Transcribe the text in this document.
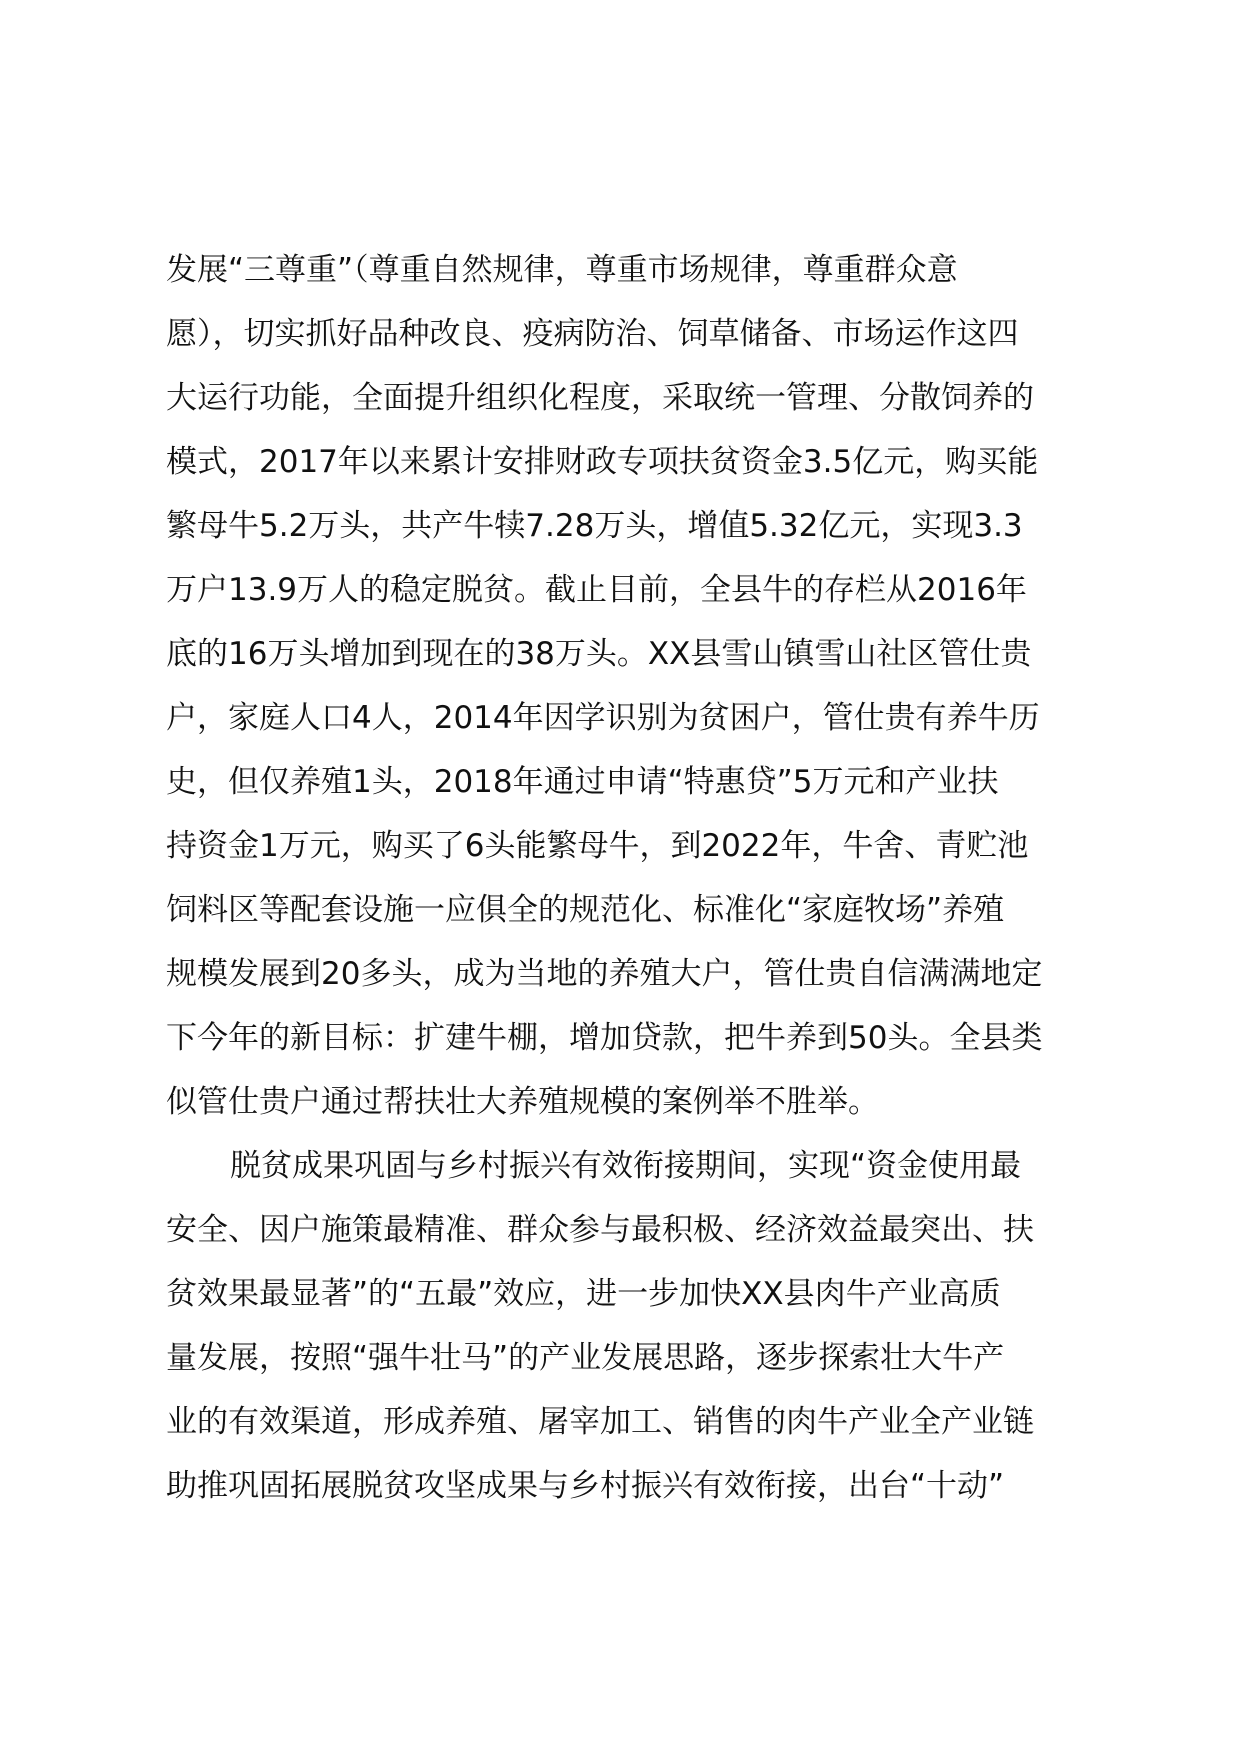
发展“三尊重”（尊重自然规律，尊重市场规律，尊重群众意
愿），切实抓好品种改良、疫病防治、饲草储备、市场运作这四
大运行功能，全面提升组织化程度，采取统一管理、分散饲养的
模式，2017年以来累计安排财政专项扶贫资金3.5亿元，购买能
繁母牛5.2万头，共产牛犊7.28万头，增值5.32亿元，实现3.3
万户13.9万人的稳定脱贫。截止目前，全县牛的存栏从2016年
底的16万头增加到现在的38万头。XX县雪山镇雪山社区管仕贵
户，家庭人口4人，2014年因学识别为贫困户，管仕贵有养牛历
史，但仅养殖1头，2018年通过申请“特惠贷”5万元和产业扶
持资金1万元，购买了6头能繁母牛，到2022年，牛舍、青贮池
饲料区等配套设施一应俱全的规范化、标准化“家庭牧场”养殖
规模发展到20多头，成为当地的养殖大户，管仕贵自信满满地定
下今年的新目标：扩建牛棚，增加贷款，把牛养到50头。全县类
似管仕贵户通过帮扶壮大养殖规模的案例举不胜举。
脱贫成果巩固与乡村振兴有效衔接期间，实现“资金使用最
安全、因户施策最精准、群众参与最积极、经济效益最突出、扶
贫效果最显著”的“五最”效应，进一步加快XX县肉牛产业高质
量发展，按照“强牛壮马”的产业发展思路，逐步探索壮大牛产
业的有效渠道，形成养殖、屠宰加工、销售的肉牛产业全产业链
助推巩固拓展脱贫攻坚成果与乡村振兴有效衔接，出台“十动”
